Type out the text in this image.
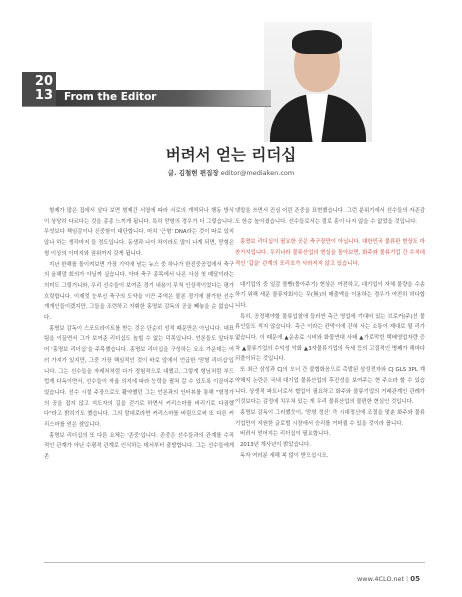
20
13 From the Editor
버려서 얻는 리더십
글. 김철현 편집장 editor@mediaken.com

형제가 많은 집에서 살다 보면 형제간 서열에 따라 서로의 개떡되나 행동 방식이 상당히 다르다는 것을 종종 느끼게 됩니다. 특히 맏형의 경우가 더 그렇습니다. 무엇보다 책임감이나 신중함이 대단합니다. 마치 '근형' DNA라는 것이 따로 있지 않나 하는 생각마저 들 정도입니다. 동생과 나이 차이라도 많이 나게 되면, 맏형은 형 이상의 이미지와 권위까지 갖게 됩니다.

지난 한해를 돌이켜보면 가장 기억에 남는 뉴스 중 하나가 한진중공업에서 축구의 올해말 회의가 아닐까 싶습니다. 아마 축구 종목에서 나온 사상 첫 메달이라는 의미도 그렇거니와, 우리 선수들이 보여준 경기 내용이 무척 인상적이었다는 평가 흐릿합니다. 이제껏 눈부신 축구의 도약을 이끈 주역은 물론 경기에 참가한 선수 개개인들이겠지만, 그들을 조련하고 지휘한 홍명보 감독의 공을 빼놓을 순 없습니다.

홍명보 감독이 스포트라이트를 받는 것은 단순히 성적 때문만은 아닙니다. 대표팀을 이끌면서 그가 보여준 리더십도 높힐 수 없는 덕목입니다. 언론들도 앞다투어 '홍명보 리더십'을 주목했습니다. 홍명보 리더십을 구성하는 요소 가운데는 여러 가지가 있지만, 그중 가장 핵심적인 것이 바로 앞에서 언급한 '맏형 리더십'입니다. 그는 선수들을 자레처처럼 다가 경험적으로 대했고, 그렇게 형님처럼 부드럽게 다독이면서, 선수들이 자율 의지에 따라 능력을 펼쳐 갈 수 있도록 이끌어주었습니다. 선수 시절 주장으로도 활약했던 그는 언론과의 인터뷰를 통해 "형정가의 공을 잡지 않고 지도자의 길을 걷기로 하면서 커리스마를 버리기로 다짐했다"라고 밝히기도 했습니다. 그의 말대로라면 커리스마를 버림으로써 또 다른 커리스마를 얻은 셈입니다.

홍명보 리더십의 또 다른 요체는 '존중'입니다. 존중은 선수들과의 관계를 수직적인 관계가 아닌 수평적 관계로 인식하는 데서부터 출발합니다. 그는 선수들에게 존

댓말을 쓰면서 진심 어린 존중을 표현했습니다. 그런 분위기에서 선수들의 자존감도 한층 높아졌습니다. 선수들로서는 절로 흥이 나지 않을 수 없었을 것입니다.

홍명보 리더십이 필요한 곳은 축구장만이 아닙니다. 대한민국 물류판 현장도 마찬가지입니다. 우리나라 물류산업의 현실을 돌아보면, 화주와 물류기업 간 수직대적인 '갑을' 관계의 포리호가 사라지지 않고 있습니다.

대기업의 중 일감 몰빵(몰아주기) 현상은 여전하고, 대기업이 자체 물량을 수송하기 위해 세운 물류자회사는 무(無)의 매출액을 이용하는 경우가 여전히 허다합니다.

특히, 공정해야할 물류입찰에 들러싼 측근 영업에 기대어 있는 브로커(주)선 물류인들도 적지 않습니다. 측근 이라는 칸막이에 갇혀 사는 소통이 제대로 될 리가 없습니다. 이 때문에 ▲운송료 시비와 화물연대 사태 ▲가로막힌 택배영업자량 증차 ▲물류기업의 수익성 악화 ▲3자물류기업의 득세 등의 고질적인 병폐가 해마다 되풀이되는 것입니다.

또 최근 삼성과 CJ의 오너 간 불협화음으로 촉발된 삼성전자와 CJ GLS 3PL 계약해지 논란은 국내 대기업 물류산업의 후진성을 보여주는 현 주소라 할 수 있습니다. 상생적 파트너로서 협업이 필요하고 화주와 물류기업의 거래관계인 관례가 이것보다는 감정에 치우쳐 있는 게 우리 물류산업의 불편한 현실인 것입니다.

홍명보 감독이 그러했듯이, '맏형 정신' 즉 시대정신에 조절을 맞춘 화주와 물류기업만이 지원한 글로벌 시장에서 승리를 거머쥘 수 있을 것이라 봅니다.

버려서 얻어지는 리더십이 필요합니다.

2013년 계사년이 밝았습니다.

독자 여러분 새해 복 많이 받으십시오.

www.4CLO.net | 05
